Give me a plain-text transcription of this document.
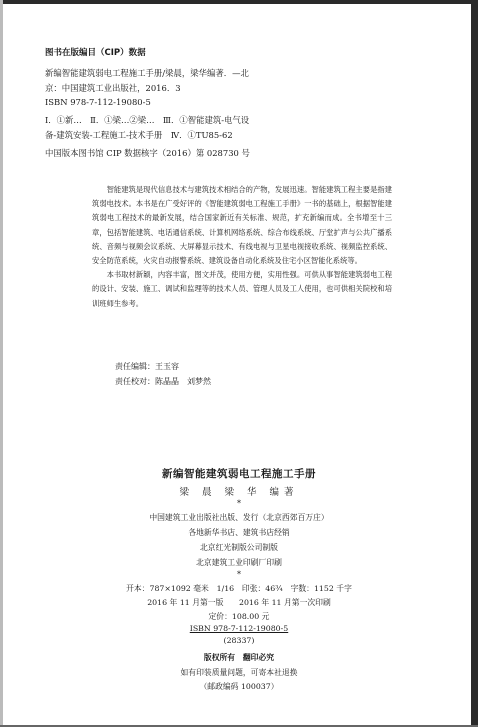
图书在版编目（CIP）数据
新编智能建筑弱电工程施工手册/梁晨，梁华编著．—北
京：中国建筑工业出版社，2016．3
ISBN 978-7-112-19080-5
Ⅰ．①新…　Ⅱ．①梁…②梁…　Ⅲ．①智能建筑-电气设
备-建筑安装-工程施工-技术手册　Ⅳ．①TU85-62
中国版本图书馆 CIP 数据核字（2016）第 028730 号

智能建筑是现代信息技术与建筑技术相结合的产物，发展迅速。智能建筑工程主要是指建筑弱电技术。本书是在广受好评的《智能建筑弱电工程施工手册》一书的基础上，根据智能建筑弱电工程技术的最新发展，结合国家新近有关标准、规范，扩充新编而成。全书增至十三章，包括智能建筑、电话通信系统、计算机网络系统、综合布线系统、厅堂扩声与公共广播系统、音频与视频会议系统、大屏幕显示技术、有线电视与卫星电视接收系统、视频监控系统、安全防范系统，火灾自动报警系统、建筑设备自动化系统及住宅小区智能化系统等。

本书取材新颖，内容丰富，图文并茂，使用方便，实用性强。可供从事智能建筑弱电工程的设计、安装、施工、调试和监理等的技术人员、管理人员及工人使用，也可供相关院校和培训班师生参考。

责任编辑：王玉容
责任校对：陈晶晶　刘梦然
新编智能建筑弱电工程施工手册
梁 晨 梁 华 编著
*
中国建筑工业出版社出版、发行（北京西郊百万庄）
各地新华书店、建筑书店经销
北京红光制版公司制版
北京建筑工业印刷厂印刷
*
开本：787×1092 毫米　1/16　印张：46¾　字数：1152 千字
2016 年 11 月第一版　　2016 年 11 月第一次印刷
定价：108.00 元
ISBN 978-7-112-19080-5
(28337)
版权所有　翻印必究
如有印装质量问题，可寄本社退换
（邮政编码 100037）
